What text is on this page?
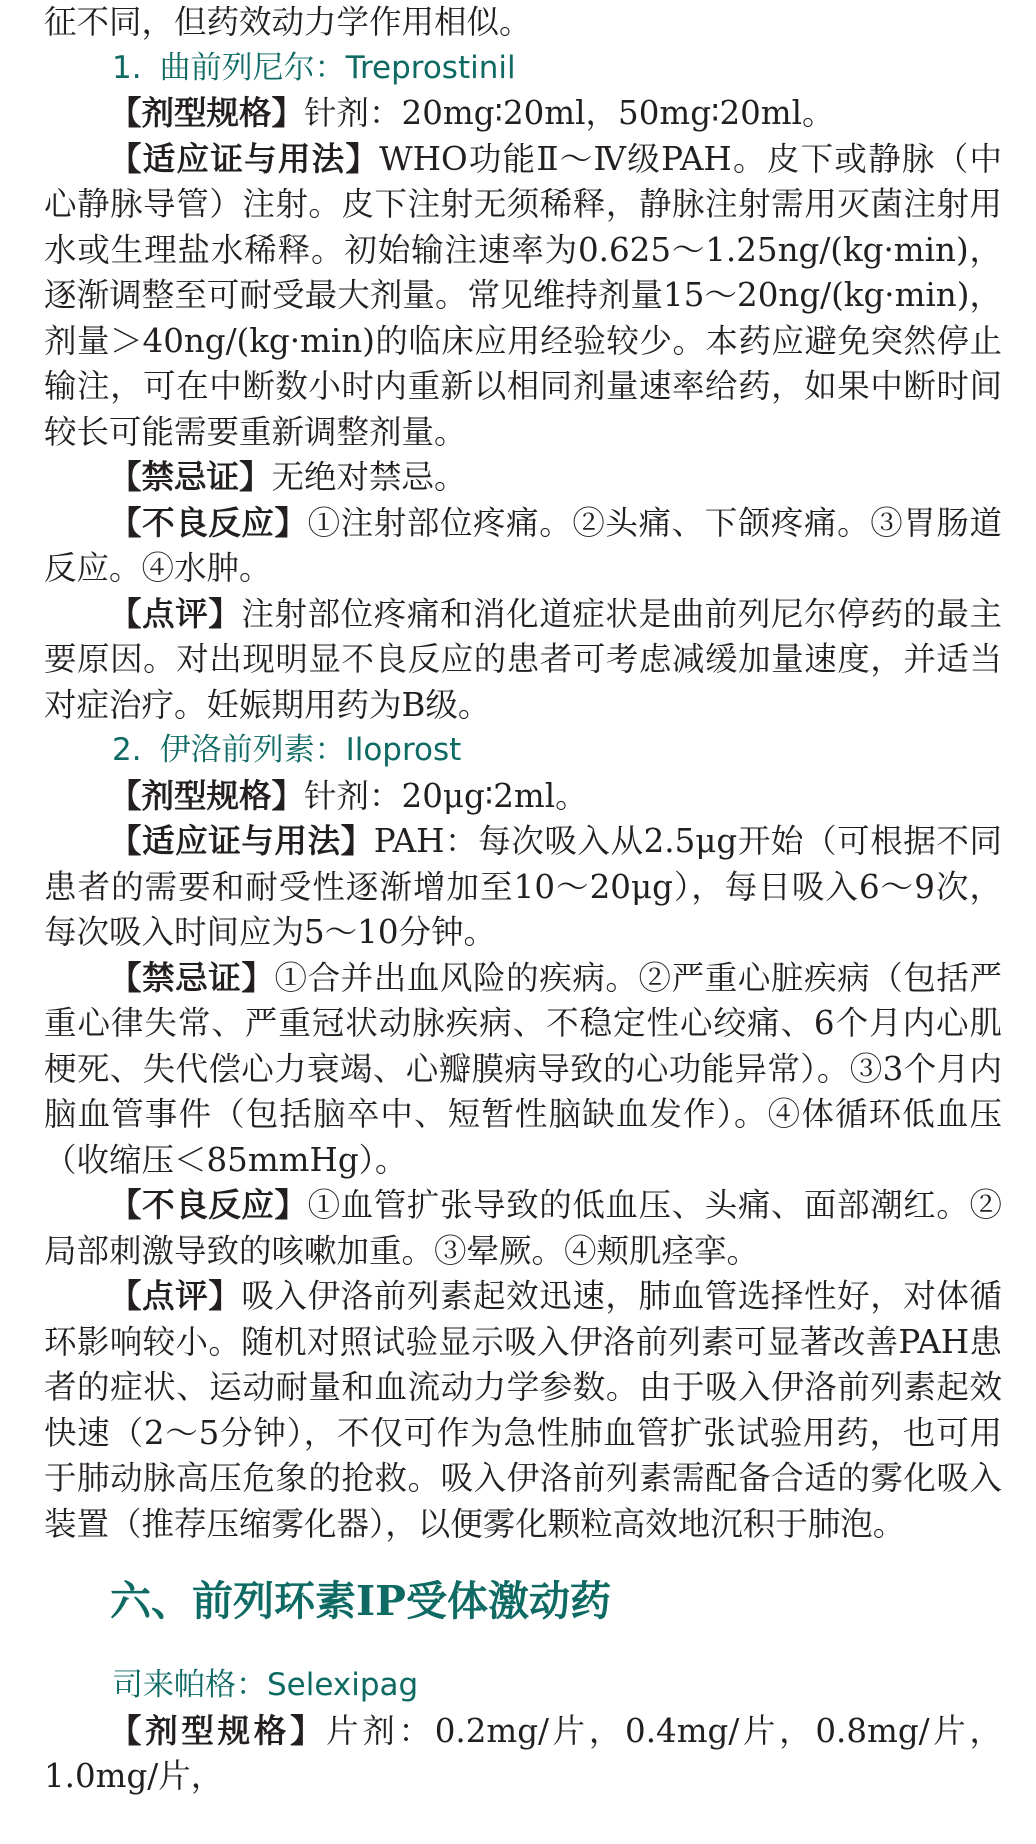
征不同，但药效动力学作用相似。

1. 曲前列尼尔：Treprostinil

【剂型规格】针剂：20mg∶20ml，50mg∶20ml。

【适应证与用法】WHO功能Ⅱ～Ⅳ级PAH。皮下或静脉（中心静脉导管）注射。皮下注射无须稀释，静脉注射需用灭菌注射用水或生理盐水稀释。初始输注速率为0.625～1.25ng/(kg·min)，逐渐调整至可耐受最大剂量。常见维持剂量15～20ng/(kg·min)，剂量＞40ng/(kg·min)的临床应用经验较少。本药应避免突然停止输注，可在中断数小时内重新以相同剂量速率给药，如果中断时间较长可能需要重新调整剂量。

【禁忌证】无绝对禁忌。

【不良反应】①注射部位疼痛。②头痛、下颌疼痛。③胃肠道反应。④水肿。

【点评】注射部位疼痛和消化道症状是曲前列尼尔停药的最主要原因。对出现明显不良反应的患者可考虑减缓加量速度，并适当对症治疗。妊娠期用药为B级。

2. 伊洛前列素：Iloprost

【剂型规格】针剂：20μg∶2ml。

【适应证与用法】PAH：每次吸入从2.5μg开始（可根据不同患者的需要和耐受性逐渐增加至10～20μg），每日吸入6～9次，每次吸入时间应为5～10分钟。

【禁忌证】①合并出血风险的疾病。②严重心脏疾病（包括严重心律失常、严重冠状动脉疾病、不稳定性心绞痛、6个月内心肌梗死、失代偿心力衰竭、心瓣膜病导致的心功能异常）。③3个月内脑血管事件（包括脑卒中、短暂性脑缺血发作）。④体循环低血压（收缩压＜85mmHg）。

【不良反应】①血管扩张导致的低血压、头痛、面部潮红。②局部刺激导致的咳嗽加重。③晕厥。④颊肌痉挛。

【点评】吸入伊洛前列素起效迅速，肺血管选择性好，对体循环影响较小。随机对照试验显示吸入伊洛前列素可显著改善PAH患者的症状、运动耐量和血流动力学参数。由于吸入伊洛前列素起效快速（2～5分钟），不仅可作为急性肺血管扩张试验用药，也可用于肺动脉高压危象的抢救。吸入伊洛前列素需配备合适的雾化吸入装置（推荐压缩雾化器），以便雾化颗粒高效地沉积于肺泡。

六、前列环素IP受体激动药
司来帕格：Selexipag

【剂型规格】片剂：0.2mg/片，0.4mg/片，0.8mg/片，1.0mg/片，
